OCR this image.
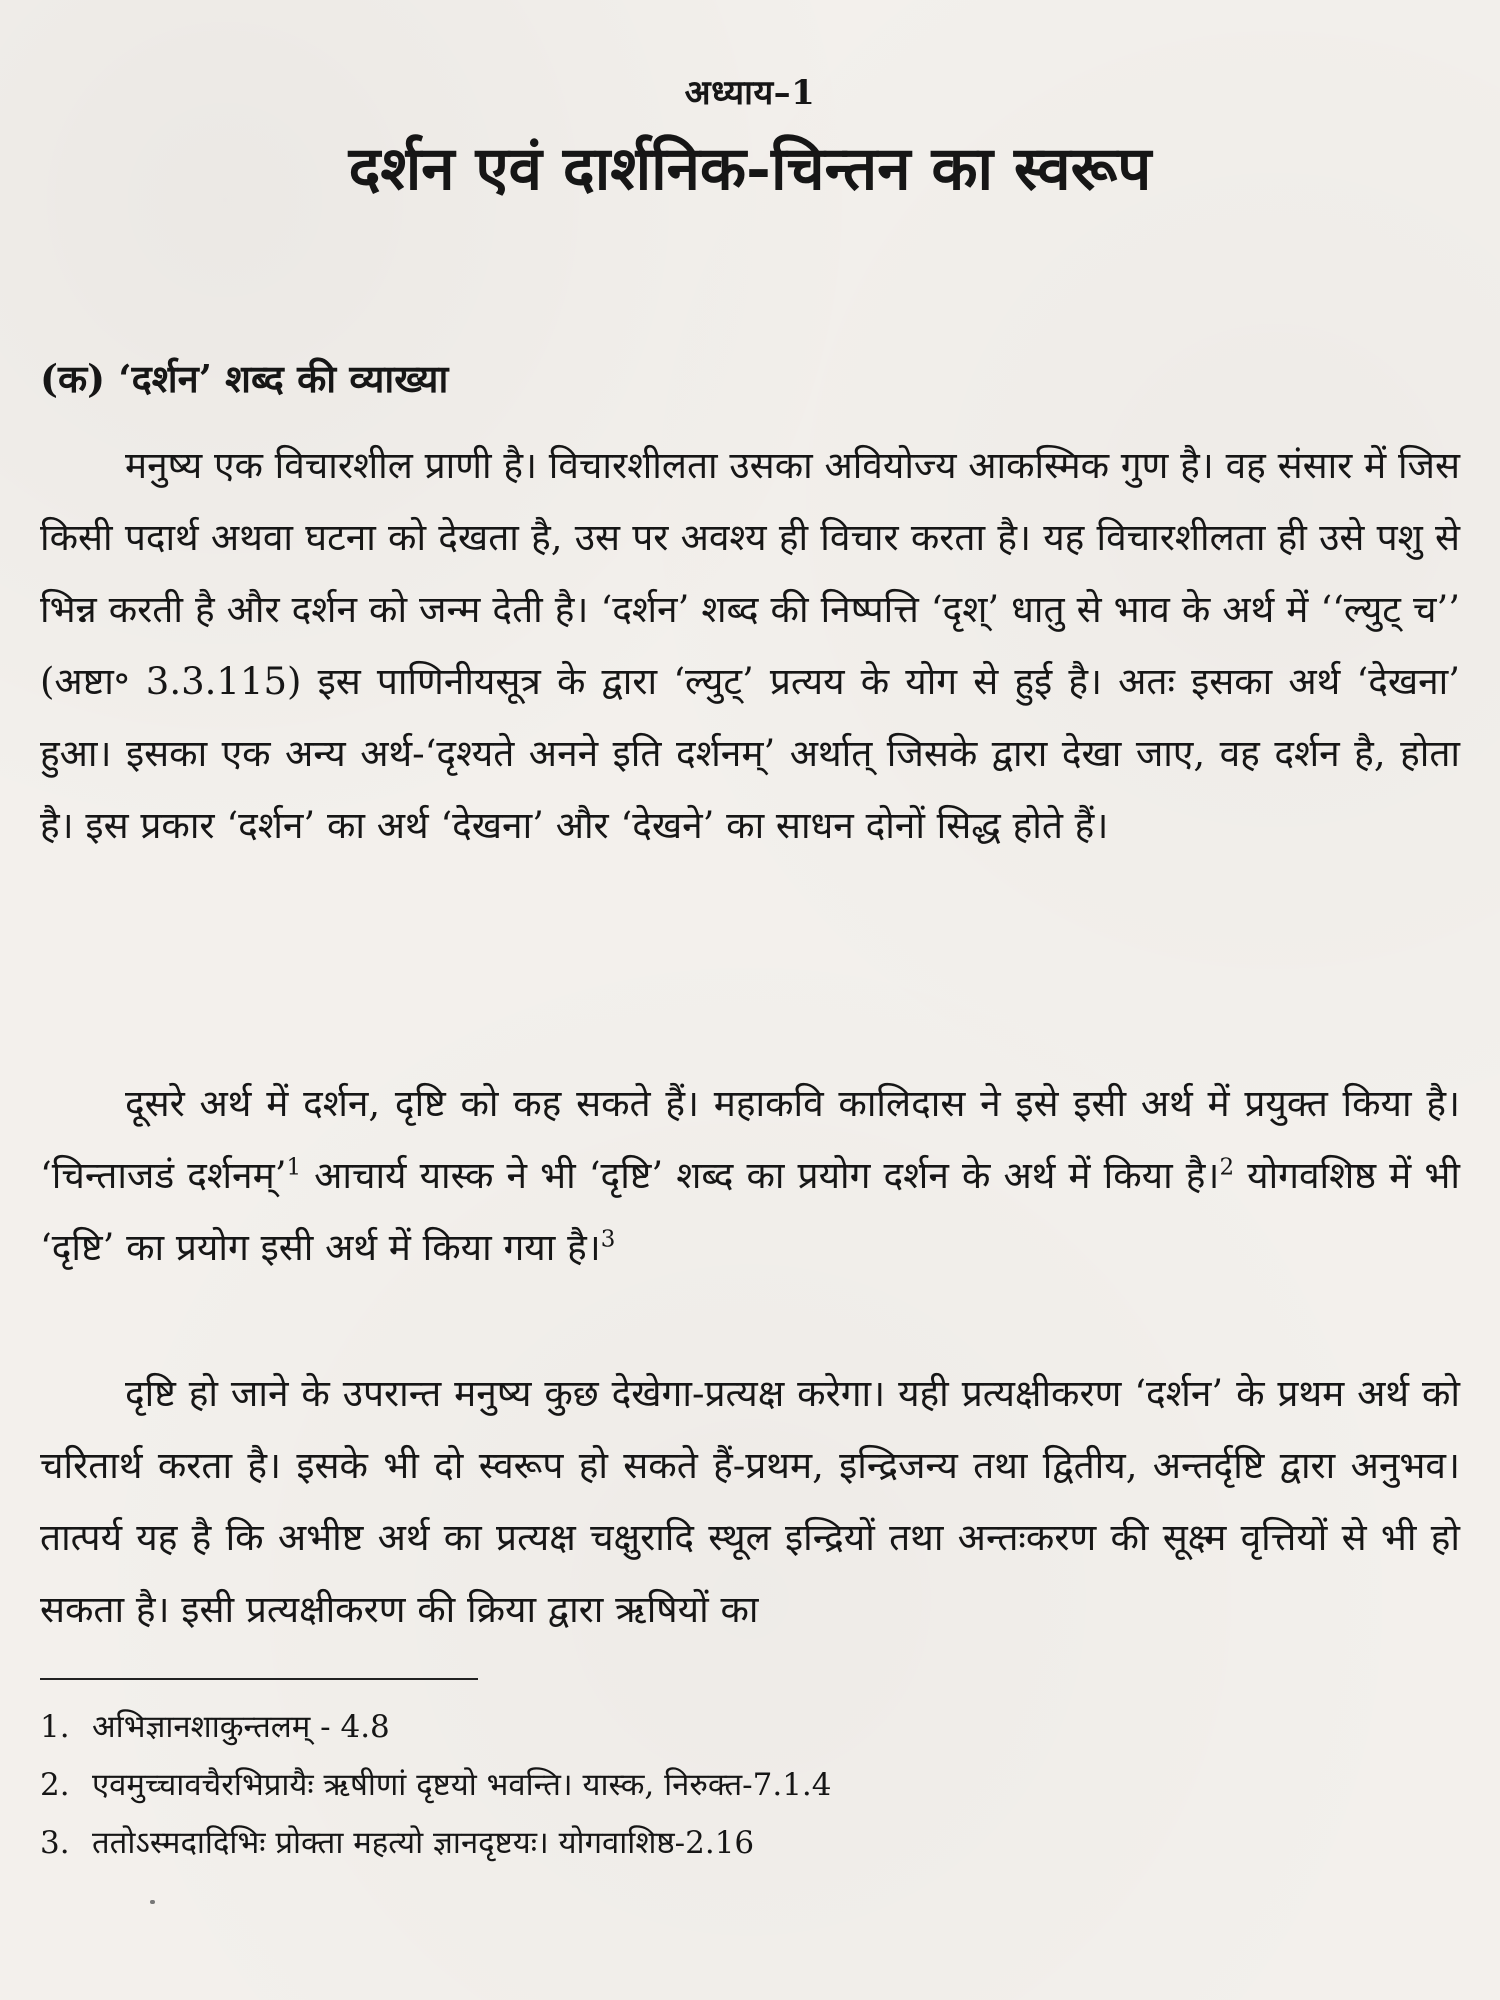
अध्याय–1
दर्शन एवं दार्शनिक-चिन्तन का स्वरूप
(क) ‘दर्शन’ शब्द की व्याख्या
मनुष्य एक विचारशील प्राणी है। विचारशीलता उसका अवियोज्य आकस्मिक गुण है। वह संसार में जिस किसी पदार्थ अथवा घटना को देखता है, उस पर अवश्य ही विचार करता है। यह विचारशीलता ही उसे पशु से भिन्न करती है और दर्शन को जन्म देती है। ‘दर्शन’ शब्द की निष्पत्ति ‘दृश्’ धातु से भाव के अर्थ में ‘‘ल्युट् च’’ (अष्टा॰ 3.3.115) इस पाणिनीयसूत्र के द्वारा ‘ल्युट्’ प्रत्यय के योग से हुई है। अतः इसका अर्थ ‘देखना’ हुआ। इसका एक अन्य अर्थ-‘दृश्यते अनने इति दर्शनम्’ अर्थात् जिसके द्वारा देखा जाए, वह दर्शन है, होता है। इस प्रकार ‘दर्शन’ का अर्थ ‘देखना’ और ‘देखने’ का साधन दोनों सिद्ध होते हैं।
दूसरे अर्थ में दर्शन, दृष्टि को कह सकते हैं। महाकवि कालिदास ने इसे इसी अर्थ में प्रयुक्त किया है। ‘चिन्ताजडं दर्शनम्’$^1$ आचार्य यास्क ने भी ‘दृष्टि’ शब्द का प्रयोग दर्शन के अर्थ में किया है।$^2$ योगवशिष्ठ में भी ‘दृष्टि’ का प्रयोग इसी अर्थ में किया गया है।$^3$
दृष्टि हो जाने के उपरान्त मनुष्य कुछ देखेगा-प्रत्यक्ष करेगा। यही प्रत्यक्षीकरण ‘दर्शन’ के प्रथम अर्थ को चरितार्थ करता है। इसके भी दो स्वरूप हो सकते हैं-प्रथम, इन्द्रिजन्य तथा द्वितीय, अन्तर्दृष्टि द्वारा अनुभव। तात्पर्य यह है कि अभीष्ट अर्थ का प्रत्यक्ष चक्षुरादि स्थूल इन्द्रियों तथा अन्तःकरण की सूक्ष्म वृत्तियों से भी हो सकता है। इसी प्रत्यक्षीकरण की क्रिया द्वारा ऋषियों का
1. अभिज्ञानशाकुन्तलम् - 4.8
2. एवमुच्चावचैरभिप्रायैः ऋषीणां दृष्टयो भवन्ति। यास्क, निरुक्त-7.1.4
3. ततोऽस्मदादिभिः प्रोक्ता महत्यो ज्ञानदृष्टयः। योगवाशिष्ठ-2.16
